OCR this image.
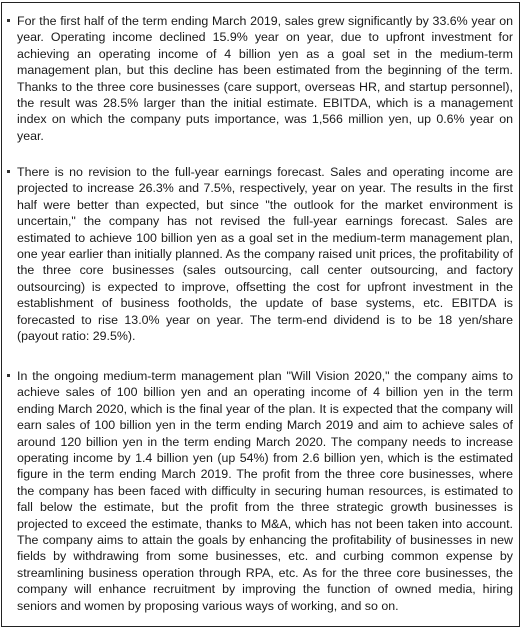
For the first half of the term ending March 2019, sales grew significantly by 33.6% year on year. Operating income declined 15.9% year on year, due to upfront investment for achieving an operating income of 4 billion yen as a goal set in the medium-term management plan, but this decline has been estimated from the beginning of the term. Thanks to the three core businesses (care support, overseas HR, and startup personnel), the result was 28.5% larger than the initial estimate. EBITDA, which is a management index on which the company puts importance, was 1,566 million yen, up 0.6% year on year.
There is no revision to the full-year earnings forecast. Sales and operating income are projected to increase 26.3% and 7.5%, respectively, year on year. The results in the first half were better than expected, but since "the outlook for the market environment is uncertain," the company has not revised the full-year earnings forecast. Sales are estimated to achieve 100 billion yen as a goal set in the medium-term management plan, one year earlier than initially planned. As the company raised unit prices, the profitability of the three core businesses (sales outsourcing, call center outsourcing, and factory outsourcing) is expected to improve, offsetting the cost for upfront investment in the establishment of business footholds, the update of base systems, etc. EBITDA is forecasted to rise 13.0% year on year. The term-end dividend is to be 18 yen/share (payout ratio: 29.5%).
In the ongoing medium-term management plan "Will Vision 2020," the company aims to achieve sales of 100 billion yen and an operating income of 4 billion yen in the term ending March 2020, which is the final year of the plan. It is expected that the company will earn sales of 100 billion yen in the term ending March 2019 and aim to achieve sales of around 120 billion yen in the term ending March 2020. The company needs to increase operating income by 1.4 billion yen (up 54%) from 2.6 billion yen, which is the estimated figure in the term ending March 2019. The profit from the three core businesses, where the company has been faced with difficulty in securing human resources, is estimated to fall below the estimate, but the profit from the three strategic growth businesses is projected to exceed the estimate, thanks to M&A, which has not been taken into account. The company aims to attain the goals by enhancing the profitability of businesses in new fields by withdrawing from some businesses, etc. and curbing common expense by streamlining business operation through RPA, etc. As for the three core businesses, the company will enhance recruitment by improving the function of owned media, hiring seniors and women by proposing various ways of working, and so on.
